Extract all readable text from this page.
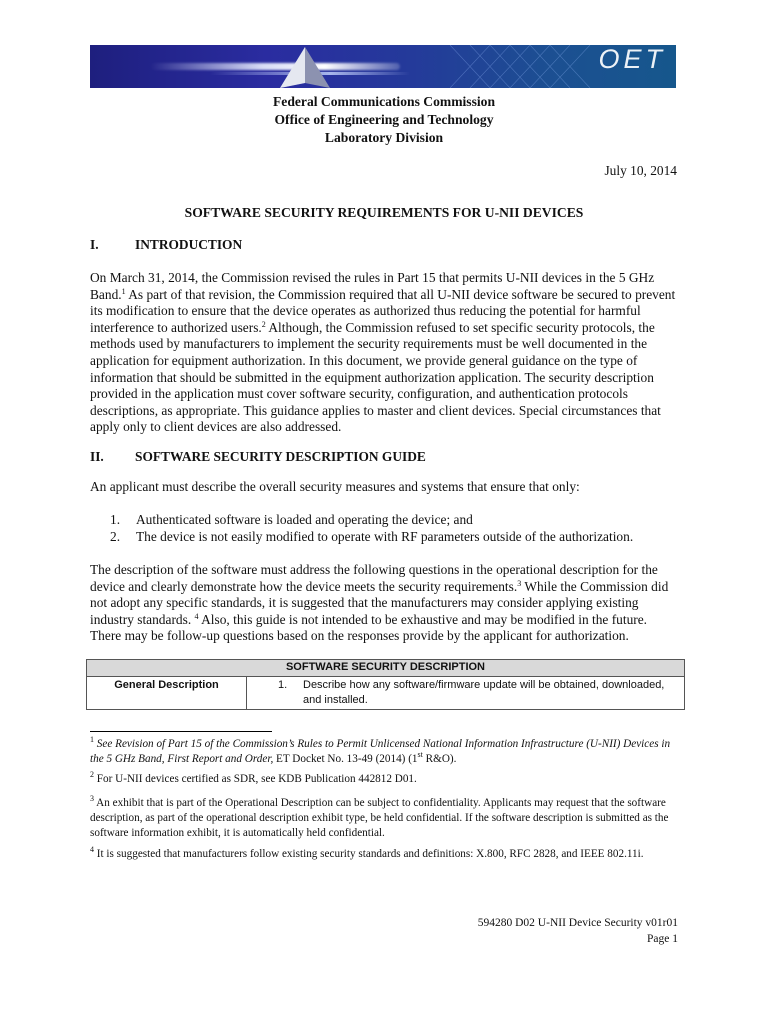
OET
Federal Communications Commission
Office of Engineering and Technology
Laboratory Division
July 10, 2014
SOFTWARE SECURITY REQUIREMENTS FOR U-NII DEVICES
I.	INTRODUCTION

On March 31, 2014, the Commission revised the rules in Part 15 that permits U-NII devices in the 5 GHz Band.$^1$ As part of that revision, the Commission required that all U-NII device software be secured to prevent its modification to ensure that the device operates as authorized thus reducing the potential for harmful interference to authorized users.$^2$ Although, the Commission refused to set specific security protocols, the methods used by manufacturers to implement the security requirements must be well documented in the application for equipment authorization. In this document, we provide general guidance on the type of information that should be submitted in the equipment authorization application. The security description provided in the application must cover software security, configuration, and authentication protocols descriptions, as appropriate. This guidance applies to master and client devices. Special circumstances that apply only to client devices are also addressed.

II. SOFTWARE SECURITY DESCRIPTION GUIDE
An applicant must describe the overall security measures and systems that ensure that only:
1. Authenticated software is loaded and operating the device; and
2. The device is not easily modified to operate with RF parameters outside of the authorization.

The description of the software must address the following questions in the operational description for the device and clearly demonstrate how the device meets the security requirements.$^3$ While the Commission did not adopt any specific standards, it is suggested that the manufacturers may consider applying existing industry standards. $^4$ Also, this guide is not intended to be exhaustive and may be modified in the future. There may be follow-up questions based on the responses provide by the applicant for authorization.

SOFTWARE SECURITY DESCRIPTION
General Description	1.	Describe how any software/firmware update will be obtained, downloaded, and installed.

$^1$ See Revision of Part 15 of the Commission’s Rules to Permit Unlicensed National Information Infrastructure (U-NII) Devices in the 5 GHz Band, First Report and Order, ET Docket No. 13-49 (2014) (1st R&O).

$^2$ For U-NII devices certified as SDR, see KDB Publication 442812 D01.

$^3$ An exhibit that is part of the Operational Description can be subject to confidentiality. Applicants may request that the software description, as part of the operational description exhibit type, be held confidential. If the software description is submitted as the software information exhibit, it is automatically held confidential.

$^4$ It is suggested that manufacturers follow existing security standards and definitions: X.800, RFC 2828, and IEEE 802.11i.

594280 D02 U-NII Device Security v01r01
Page 1
